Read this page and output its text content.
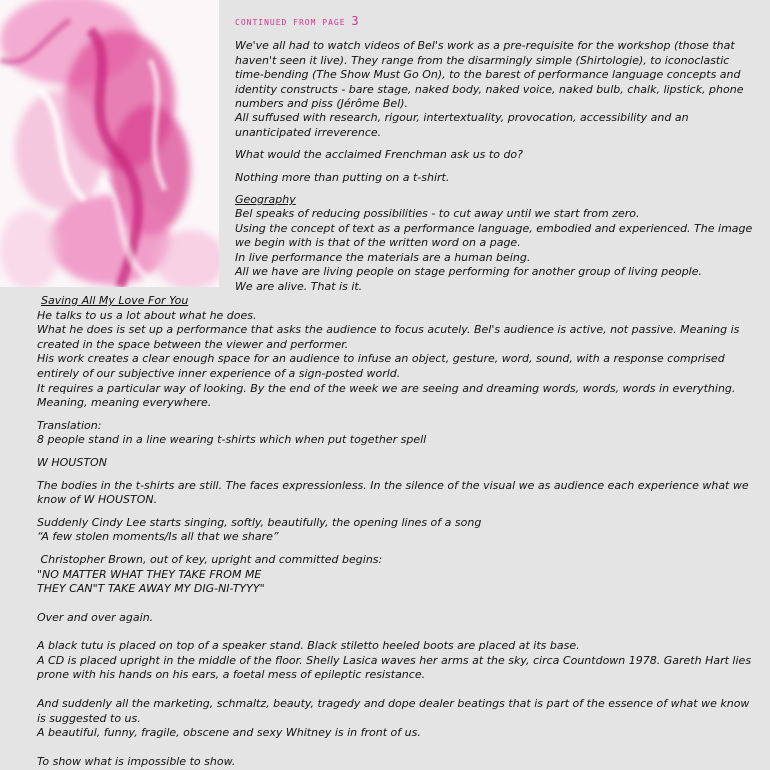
CONTINUED FROM PAGE 3

We've all had to watch videos of Bel's work as a pre-requisite for the workshop (those that haven't seen it live). They range from the disarmingly simple (Shirtologie), to iconoclastic time-bending (The Show Must Go On), to the barest of performance language concepts and identity constructs - bare stage, naked body, naked voice, naked bulb, chalk, lipstick, phone numbers and piss (Jérôme Bel).

All suffused with research, rigour, intertextuality, provocation, accessibility and an unanticipated irreverence.

What would the acclaimed Frenchman ask us to do?

Nothing more than putting on a t-shirt.

Geography

Bel speaks of reducing possibilities - to cut away until we start from zero.

Using the concept of text as a performance language, embodied and experienced. The image we begin with is that of the written word on a page.

In live performance the materials are a human being.

All we have are living people on stage performing for another group of living people.

We are alive. That is it.

Saving All My Love For You

He talks to us a lot about what he does.

What he does is set up a performance that asks the audience to focus acutely. Bel's audience is active, not passive. Meaning is created in the space between the viewer and performer.

His work creates a clear enough space for an audience to infuse an object, gesture, word, sound, with a response comprised entirely of our subjective inner experience of a sign-posted world.

It requires a particular way of looking. By the end of the week we are seeing and dreaming words, words, words in everything. Meaning, meaning everywhere.

Translation:

8 people stand in a line wearing t-shirts which when put together spell

W HOUSTON

The bodies in the t-shirts are still. The faces expressionless. In the silence of the visual we as audience each experience what we know of W HOUSTON.

Suddenly Cindy Lee starts singing, softly, beautifully, the opening lines of a song

“A few stolen moments/Is all that we share”

Christopher Brown, out of key, upright and committed begins:

"NO MATTER WHAT THEY TAKE FROM ME

THEY CAN"T TAKE AWAY MY DIG-NI-TYYY"

Over and over again.

A black tutu is placed on top of a speaker stand. Black stiletto heeled boots are placed at its base.

A CD is placed upright in the middle of the floor. Shelly Lasica waves her arms at the sky, circa Countdown 1978. Gareth Hart lies prone with his hands on his ears, a foetal mess of epileptic resistance.

And suddenly all the marketing, schmaltz, beauty, tragedy and dope dealer beatings that is part of the essence of what we know is suggested to us.

A beautiful, funny, fragile, obscene and sexy Whitney is in front of us.

To show what is impossible to show.
